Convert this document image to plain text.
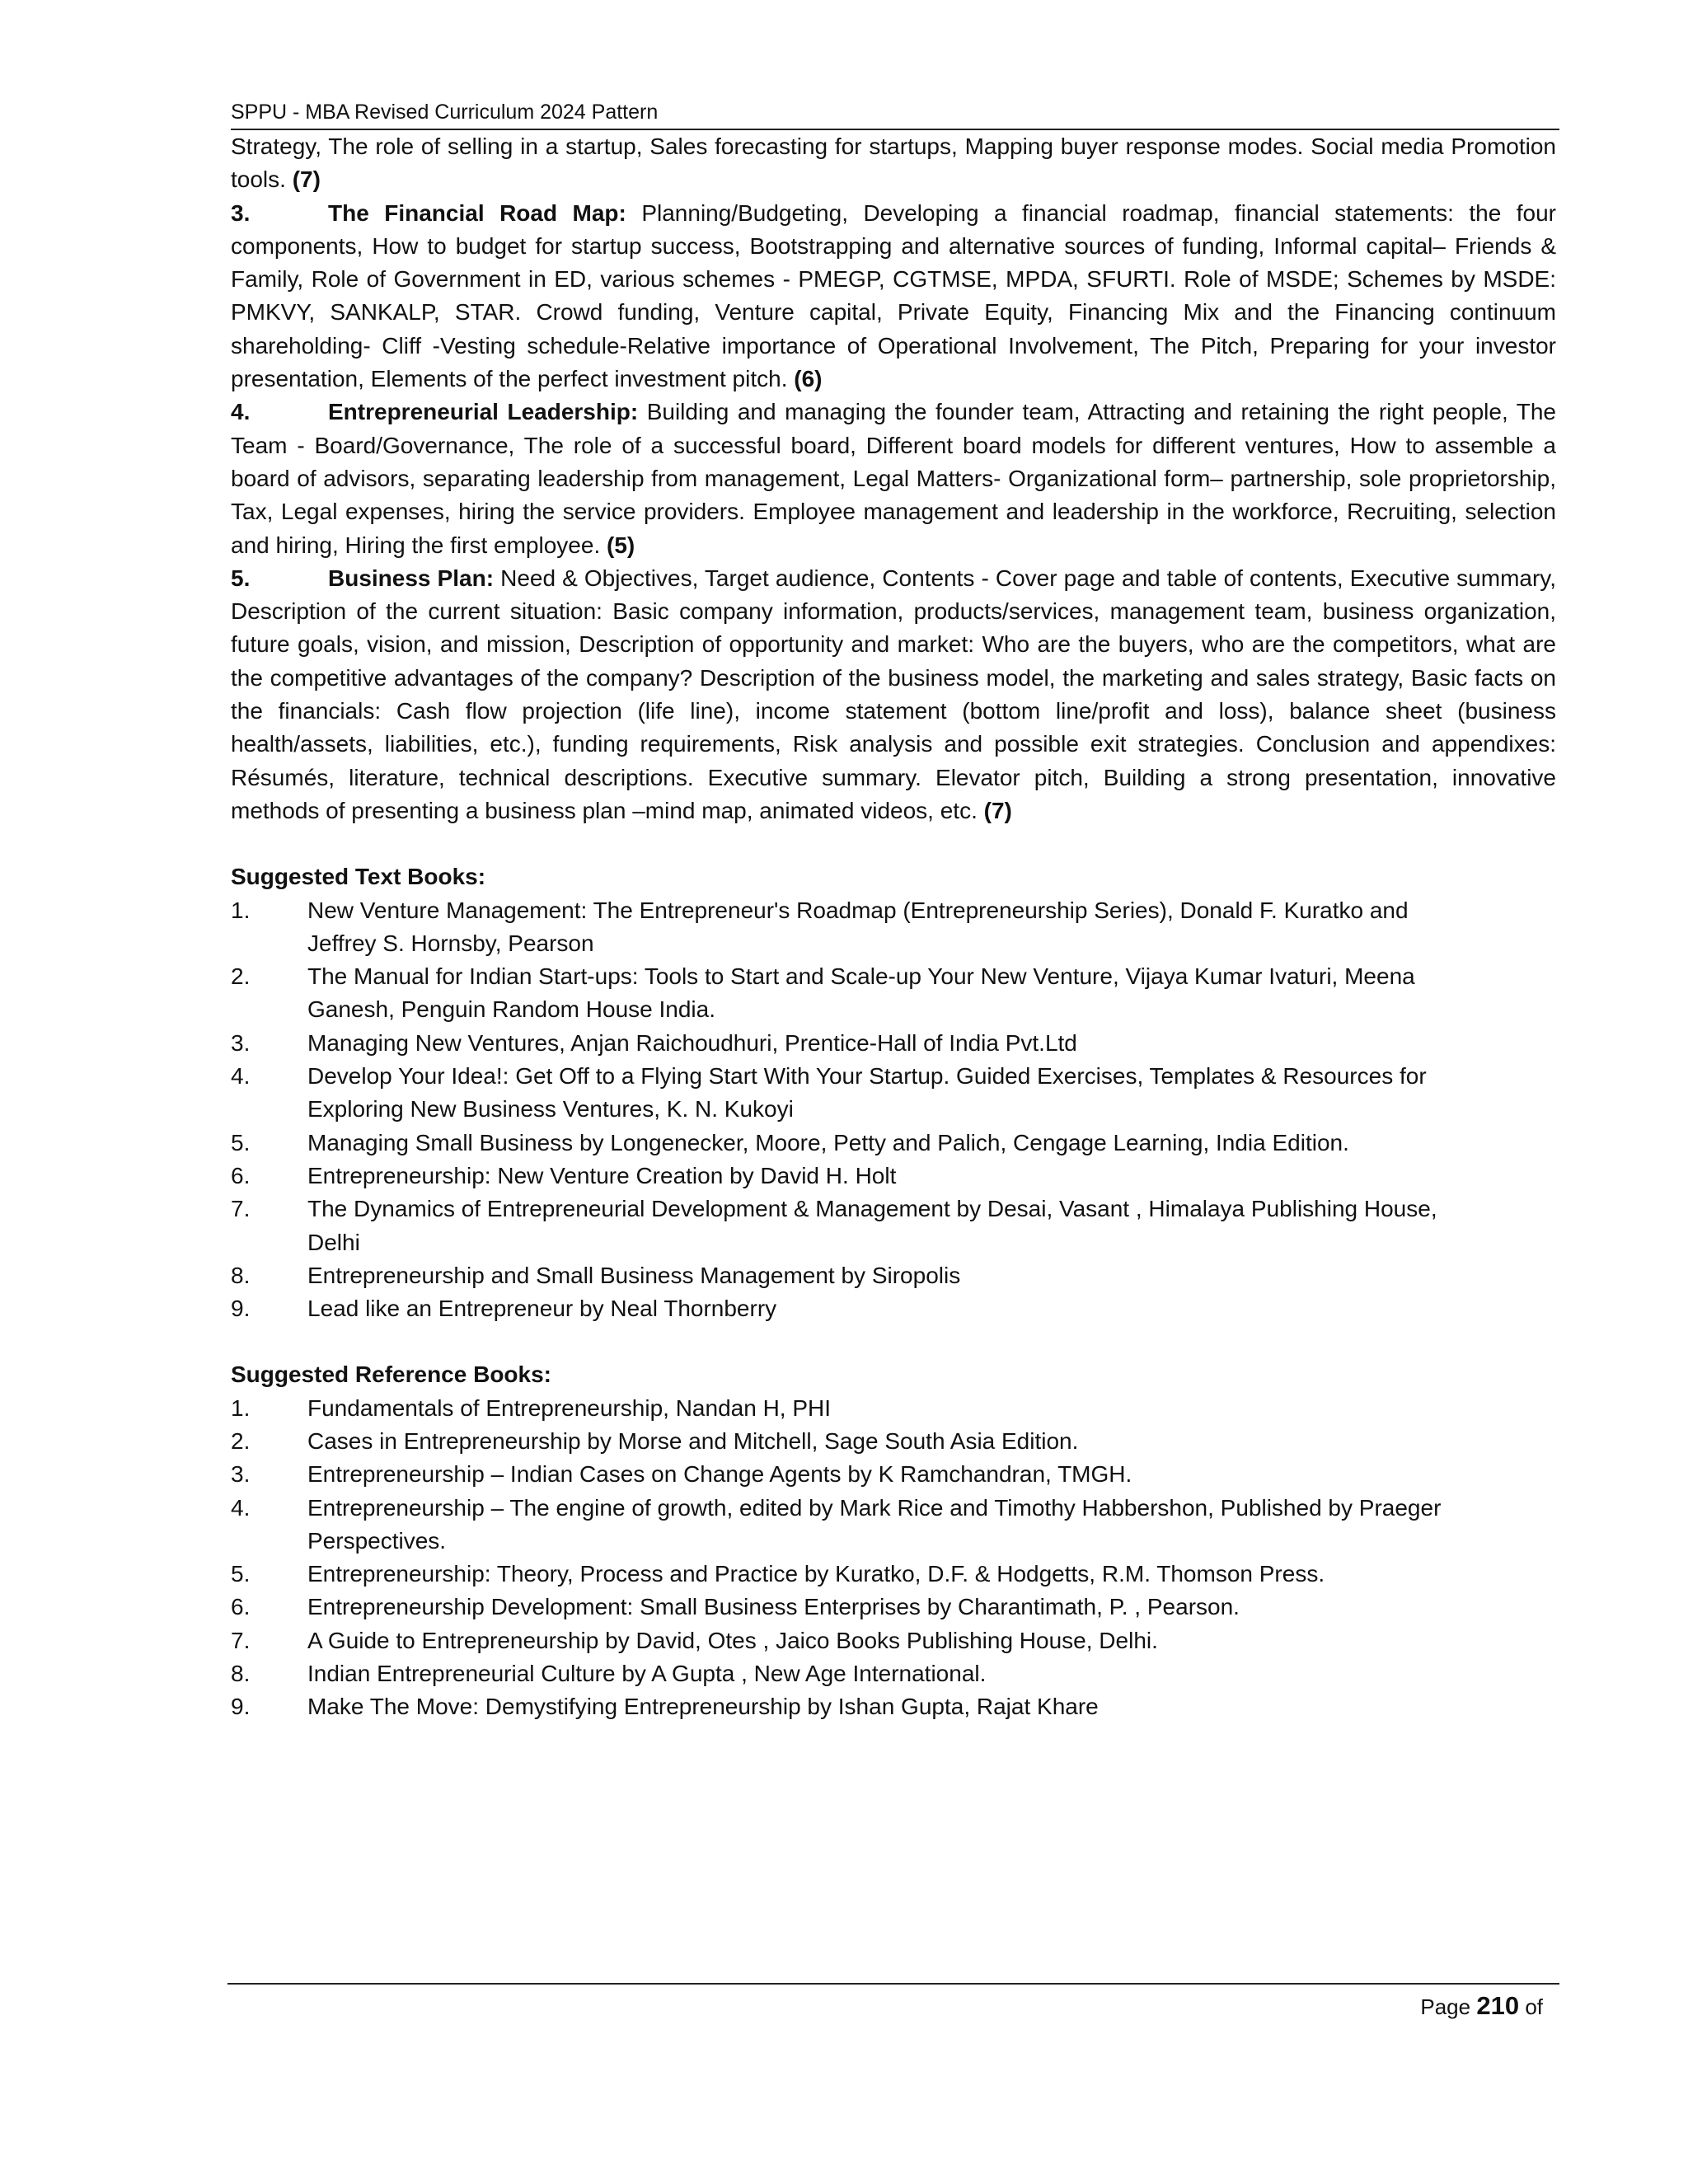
SPPU - MBA Revised Curriculum 2024 Pattern

Strategy, The role of selling in a startup, Sales forecasting for startups, Mapping buyer response modes. Social media Promotion tools. (7)

3.	The Financial Road Map: Planning/Budgeting, Developing a financial roadmap, financial statements: the four components, How to budget for startup success, Bootstrapping and alternative sources of funding, Informal capital– Friends & Family, Role of Government in ED, various schemes - PMEGP, CGTMSE, MPDA, SFURTI. Role of MSDE; Schemes by MSDE: PMKVY, SANKALP, STAR. Crowd funding, Venture capital, Private Equity, Financing Mix and the Financing continuum shareholding- Cliff -Vesting schedule-Relative importance of Operational Involvement, The Pitch, Preparing for your investor presentation, Elements of the perfect investment pitch. (6)

4.	Entrepreneurial Leadership: Building and managing the founder team, Attracting and retaining the right people, The Team - Board/Governance, The role of a successful board, Different board models for different ventures, How to assemble a board of advisors, separating leadership from management, Legal Matters- Organizational form– partnership, sole proprietorship, Tax, Legal expenses, hiring the service providers. Employee management and leadership in the workforce, Recruiting, selection and hiring, Hiring the first employee. (5)

5.	Business Plan: Need & Objectives, Target audience, Contents - Cover page and table of contents, Executive summary, Description of the current situation: Basic company information, products/services, management team, business organization, future goals, vision, and mission, Description of opportunity and market: Who are the buyers, who are the competitors, what are the competitive advantages of the company? Description of the business model, the marketing and sales strategy, Basic facts on the financials: Cash flow projection (life line), income statement (bottom line/profit and loss), balance sheet (business health/assets, liabilities, etc.), funding requirements, Risk analysis and possible exit strategies. Conclusion and appendixes: Résumés, literature, technical descriptions. Executive summary. Elevator pitch, Building a strong presentation, innovative methods of presenting a business plan –mind map, animated videos, etc. (7)

Suggested Text Books:

1. New Venture Management: The Entrepreneur's Roadmap (Entrepreneurship Series), Donald F. Kuratko and Jeffrey S. Hornsby, Pearson
2. The Manual for Indian Start-ups: Tools to Start and Scale-up Your New Venture, Vijaya Kumar Ivaturi, Meena Ganesh, Penguin Random House India.
3. Managing New Ventures, Anjan Raichoudhuri, Prentice-Hall of India Pvt.Ltd
4. Develop Your Idea!: Get Off to a Flying Start With Your Startup. Guided Exercises, Templates & Resources for Exploring New Business Ventures, K. N. Kukoyi
5. Managing Small Business by Longenecker, Moore, Petty and Palich, Cengage Learning, India Edition.
6. Entrepreneurship: New Venture Creation by David H. Holt
7. The Dynamics of Entrepreneurial Development & Management by Desai, Vasant , Himalaya Publishing House, Delhi
8. Entrepreneurship and Small Business Management by Siropolis
9. Lead like an Entrepreneur by Neal Thornberry

Suggested Reference Books:

1. Fundamentals of Entrepreneurship, Nandan H, PHI
2. Cases in Entrepreneurship by Morse and Mitchell, Sage South Asia Edition.
3. Entrepreneurship – Indian Cases on Change Agents by K Ramchandran, TMGH.
4. Entrepreneurship – The engine of growth, edited by Mark Rice and Timothy Habbershon, Published by Praeger Perspectives.
5. Entrepreneurship: Theory, Process and Practice by Kuratko, D.F. & Hodgetts, R.M. Thomson Press.
6. Entrepreneurship Development: Small Business Enterprises by Charantimath, P. , Pearson.
7. A Guide to Entrepreneurship by David, Otes , Jaico Books Publishing House, Delhi.
8. Indian Entrepreneurial Culture by A Gupta , New Age International.
9. Make The Move: Demystifying Entrepreneurship by Ishan Gupta, Rajat Khare
Page 210 of
